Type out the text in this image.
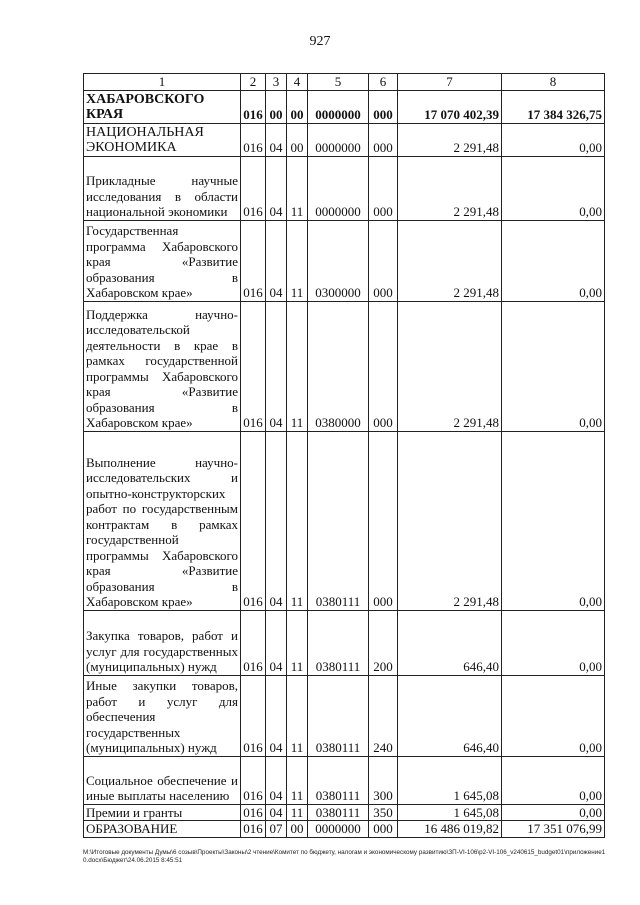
927
1	2	3	4	5	6	7	8
ХАБАРОВСКОГО КРАЯ	016	00	00	0000000	000	17 070 402,39	17 384 326,75
НАЦИОНАЛЬНАЯ ЭКОНОМИКА	016	04	00	0000000	000	2 291,48	0,00
Прикладные научные исследования в области национальной экономики	016	04	11	0000000	000	2 291,48	0,00
Государственная программа Хабаровского края «Развитие образования в Хабаровском крае»	016	04	11	0300000	000	2 291,48	0,00
Поддержка научно-исследовательской деятельности в крае в рамках государственной программы Хабаровского края «Развитие образования в Хабаровском крае»	016	04	11	0380000	000	2 291,48	0,00
Выполнение научно-исследовательских и опытно-конструкторских работ по государственным контрактам в рамках государственной программы Хабаровского края «Развитие образования в Хабаровском крае»	016	04	11	0380111	000	2 291,48	0,00
Закупка товаров, работ и услуг для государственных (муниципальных) нужд	016	04	11	0380111	200	646,40	0,00
Иные закупки товаров, работ и услуг для обеспечения государственных (муниципальных) нужд	016	04	11	0380111	240	646,40	0,00
Социальное обеспечение и иные выплаты населению	016	04	11	0380111	300	1 645,08	0,00
Премии и гранты	016	04	11	0380111	350	1 645,08	0,00
ОБРАЗОВАНИЕ	016	07	00	0000000	000	16 486 019,82	17 351 076,99
M:\Итоговые документы Думы\6 созыв\Проекты\Законы\2 чтение\Комитет по бюджету, налогам и экономическому развитию\ЗП-VI-106\р2-VI-106_v240615_budget01\приложение10.docx\Бюджет\24.06.2015 8:45:51
